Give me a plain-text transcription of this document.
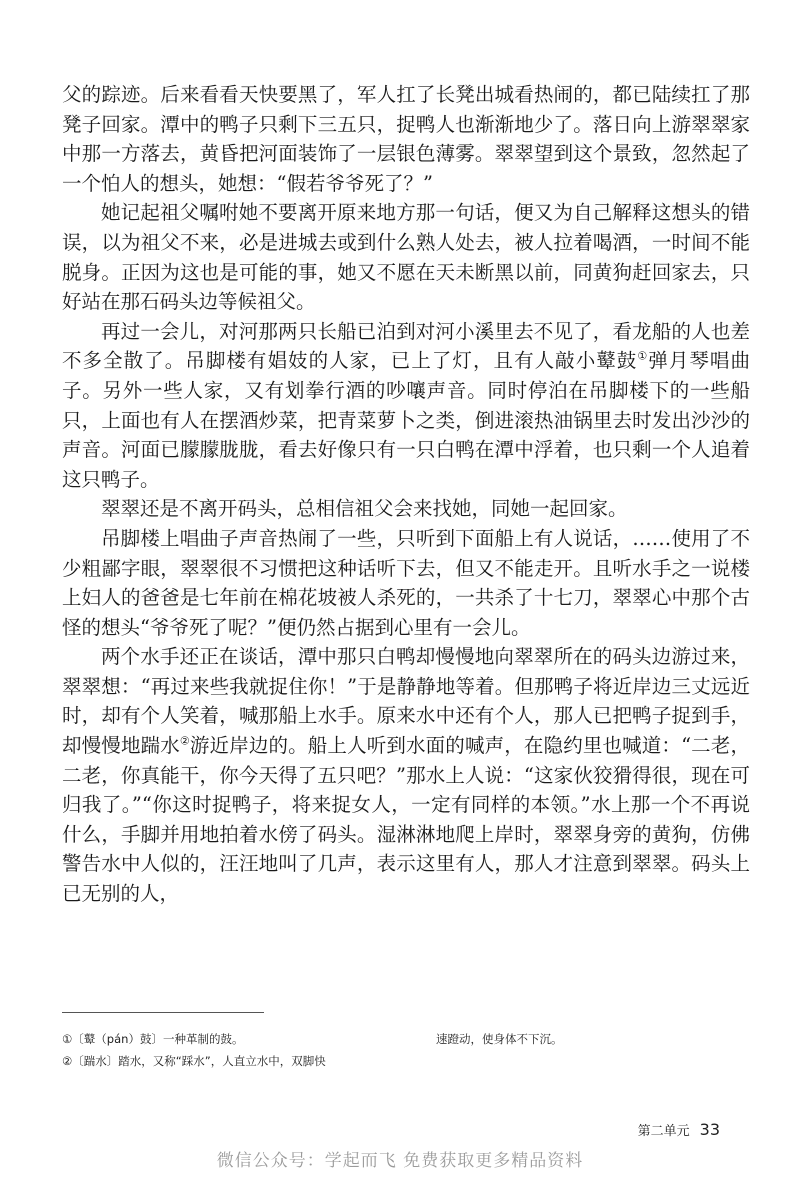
父的踪迹。后来看看天快要黑了，军人扛了长凳出城看热闹的，都已陆续扛了那凳子回家。潭中的鸭子只剩下三五只，捉鸭人也渐渐地少了。落日向上游翠翠家中那一方落去，黄昏把河面装饰了一层银色薄雾。翠翠望到这个景致，忽然起了一个怕人的想头，她想：“假若爷爷死了？”

她记起祖父嘱咐她不要离开原来地方那一句话，便又为自己解释这想头的错误，以为祖父不来，必是进城去或到什么熟人处去，被人拉着喝酒，一时间不能脱身。正因为这也是可能的事，她又不愿在天未断黑以前，同黄狗赶回家去，只好站在那石码头边等候祖父。

再过一会儿，对河那两只长船已泊到对河小溪里去不见了，看龙船的人也差不多全散了。吊脚楼有娼妓的人家，已上了灯，且有人敲小鼙鼓①弹月琴唱曲子。另外一些人家，又有划拳行酒的吵嚷声音。同时停泊在吊脚楼下的一些船只，上面也有人在摆酒炒菜，把青菜萝卜之类，倒进滚热油锅里去时发出沙沙的声音。河面已朦朦胧胧，看去好像只有一只白鸭在潭中浮着，也只剩一个人追着这只鸭子。

翠翠还是不离开码头，总相信祖父会来找她，同她一起回家。

吊脚楼上唱曲子声音热闹了一些，只听到下面船上有人说话，……使用了不少粗鄙字眼，翠翠很不习惯把这种话听下去，但又不能走开。且听水手之一说楼上妇人的爸爸是七年前在棉花坡被人杀死的，一共杀了十七刀，翠翠心中那个古怪的想头“爷爷死了呢？”便仍然占据到心里有一会儿。

两个水手还正在谈话，潭中那只白鸭却慢慢地向翠翠所在的码头边游过来，翠翠想：“再过来些我就捉住你！”于是静静地等着。但那鸭子将近岸边三丈远近时，却有个人笑着，喊那船上水手。原来水中还有个人，那人已把鸭子捉到手，却慢慢地踹水②游近岸边的。船上人听到水面的喊声，在隐约里也喊道：“二老，二老，你真能干，你今天得了五只吧？”那水上人说：“这家伙狡猾得很，现在可归我了。”“你这时捉鸭子，将来捉女人，一定有同样的本领。”水上那一个不再说什么，手脚并用地拍着水傍了码头。湿淋淋地爬上岸时，翠翠身旁的黄狗，仿佛警告水中人似的，汪汪地叫了几声，表示这里有人，那人才注意到翠翠。码头上已无别的人，

①〔鼙（pán）鼓〕一种革制的鼓。
②〔踹水〕踏水，又称“踩水”，人直立水中，双脚快
速蹬动，使身体不下沉。
第二单元 33
微信公众号：学起而飞 免费获取更多精品资料
